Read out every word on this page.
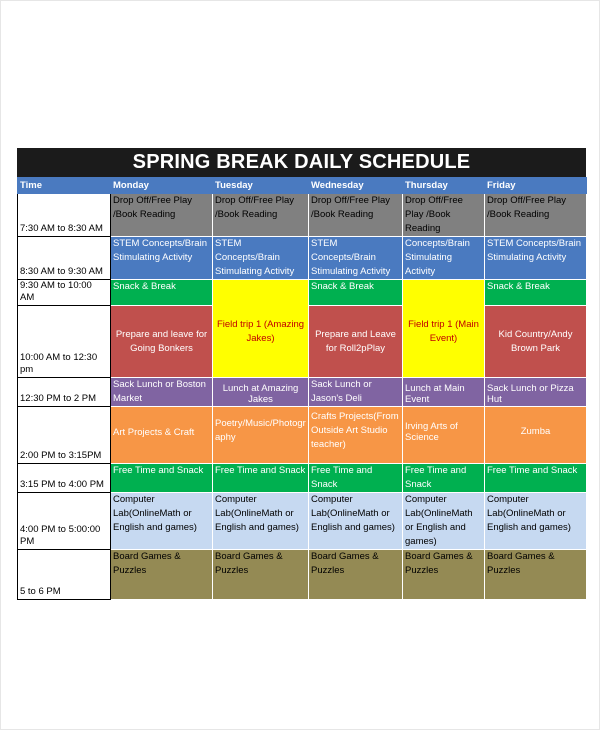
SPRING BREAK DAILY SCHEDULE
Time	Monday	Tuesday	Wednesday	Thursday	Friday
7:30 AM to 8:30 AM	Drop Off/Free Play /Book Reading	Drop Off/Free Play /Book Reading	Drop Off/Free Play /Book Reading	Drop Off/Free Play /Book Reading	Drop Off/Free Play /Book Reading
8:30 AM to 9:30 AM	STEM Concepts/Brain Stimulating Activity	STEM Concepts/Brain Stimulating Activity	STEM Concepts/Brain Stimulating Activity	Concepts/Brain Stimulating Activity	STEM Concepts/Brain Stimulating Activity
9:30 AM to 10:00 AM	Snack & Break	Field trip 1 (Amazing Jakes)	Snack & Break	Field trip 1 (Main Event)	Snack & Break
10:00 AM to 12:30 pm	Prepare and leave for Going Bonkers		Prepare and Leave for Roll2pPlay		Kid Country/Andy Brown Park
12:30 PM to 2 PM	Sack Lunch or Boston Market	Lunch at Amazing Jakes	Sack Lunch or Jason's Deli	Lunch at Main Event	Sack Lunch or Pizza Hut
2:00 PM to 3:15PM	Art Projects & Craft	Poetry/Music/Photography	Crafts Projects(From Outside Art Studio teacher)	Irving Arts of Science	Zumba
3:15 PM to 4:00 PM	Free Time and Snack	Free Time and Snack	Free Time and Snack	Free Time and Snack	Free Time and Snack
4:00 PM to 5:00:00 PM	Computer Lab(OnlineMath or English and games)	Computer Lab(OnlineMath or English and games)	Computer Lab(OnlineMath or English and games)	Computer Lab(OnlineMath or English and games)	Computer Lab(OnlineMath or English and games)
5 to 6 PM	Board Games & Puzzles	Board Games & Puzzles	Board Games & Puzzles	Board Games & Puzzles	Board Games & Puzzles
